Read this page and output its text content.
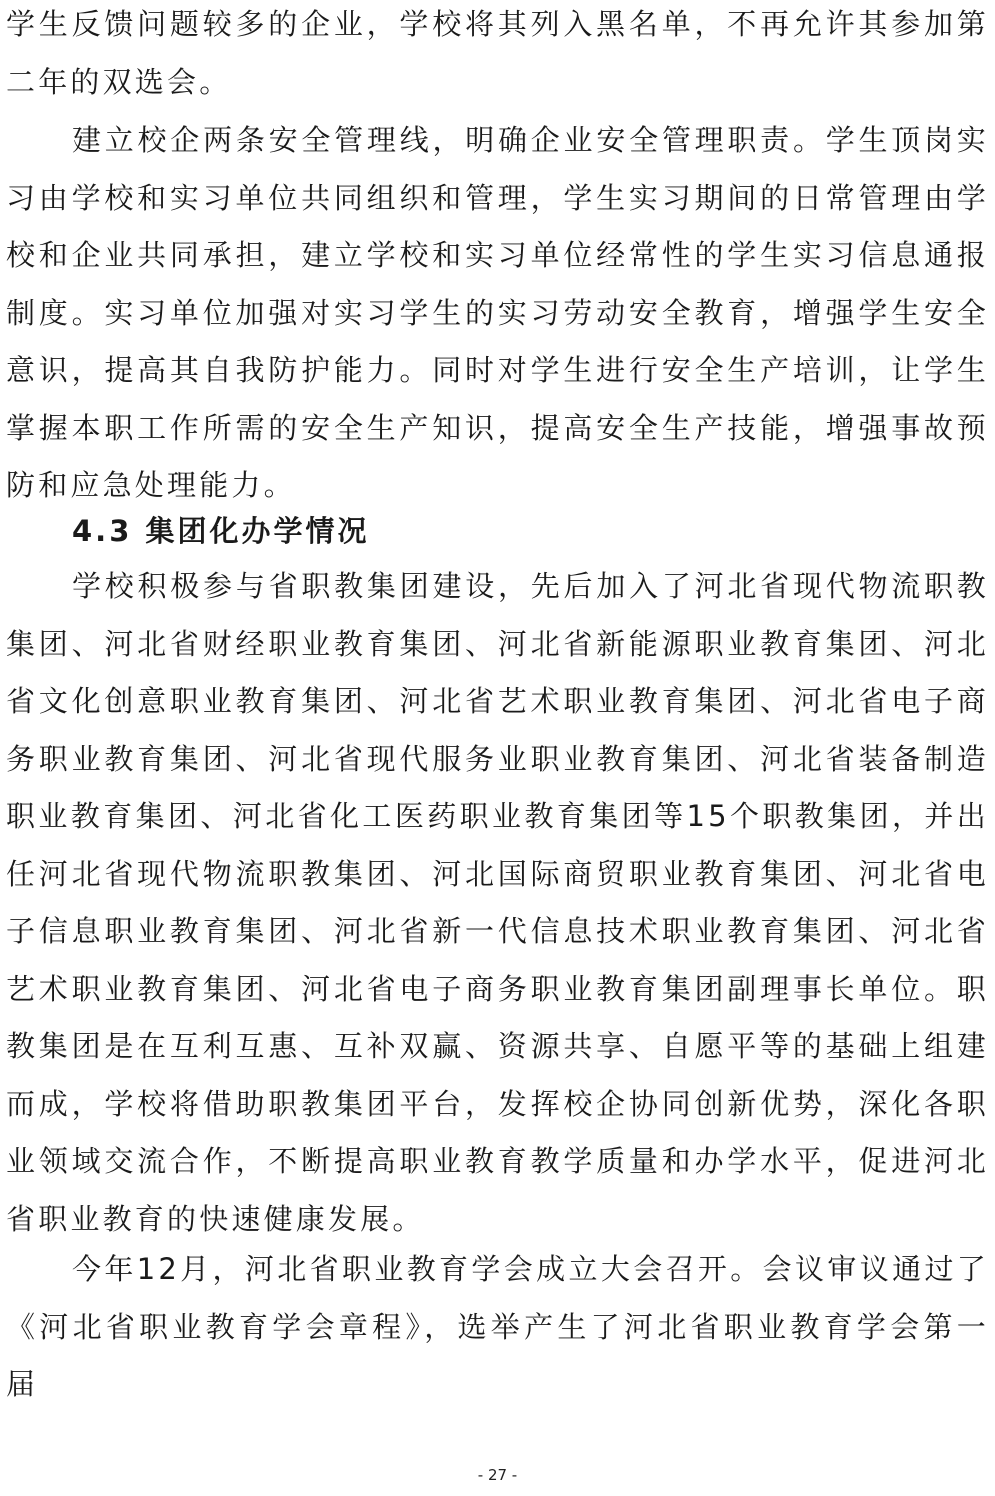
学生反馈问题较多的企业，学校将其列入黑名单，不再允许其参加第二年的双选会。

建立校企两条安全管理线，明确企业安全管理职责。学生顶岗实习由学校和实习单位共同组织和管理，学生实习期间的日常管理由学校和企业共同承担，建立学校和实习单位经常性的学生实习信息通报制度。实习单位加强对实习学生的实习劳动安全教育，增强学生安全意识，提高其自我防护能力。同时对学生进行安全生产培训，让学生掌握本职工作所需的安全生产知识，提高安全生产技能，增强事故预防和应急处理能力。

4.3 集团化办学情况

学校积极参与省职教集团建设，先后加入了河北省现代物流职教集团、河北省财经职业教育集团、河北省新能源职业教育集团、河北省文化创意职业教育集团、河北省艺术职业教育集团、河北省电子商务职业教育集团、河北省现代服务业职业教育集团、河北省装备制造职业教育集团、河北省化工医药职业教育集团等15个职教集团，并出任河北省现代物流职教集团、河北国际商贸职业教育集团、河北省电子信息职业教育集团、河北省新一代信息技术职业教育集团、河北省艺术职业教育集团、河北省电子商务职业教育集团副理事长单位。职教集团是在互利互惠、互补双赢、资源共享、自愿平等的基础上组建而成，学校将借助职教集团平台，发挥校企协同创新优势，深化各职业领域交流合作，不断提高职业教育教学质量和办学水平，促进河北省职业教育的快速健康发展。

今年12月，河北省职业教育学会成立大会召开。会议审议通过了《河北省职业教育学会章程》，选举产生了河北省职业教育学会第一届

- 27 -
